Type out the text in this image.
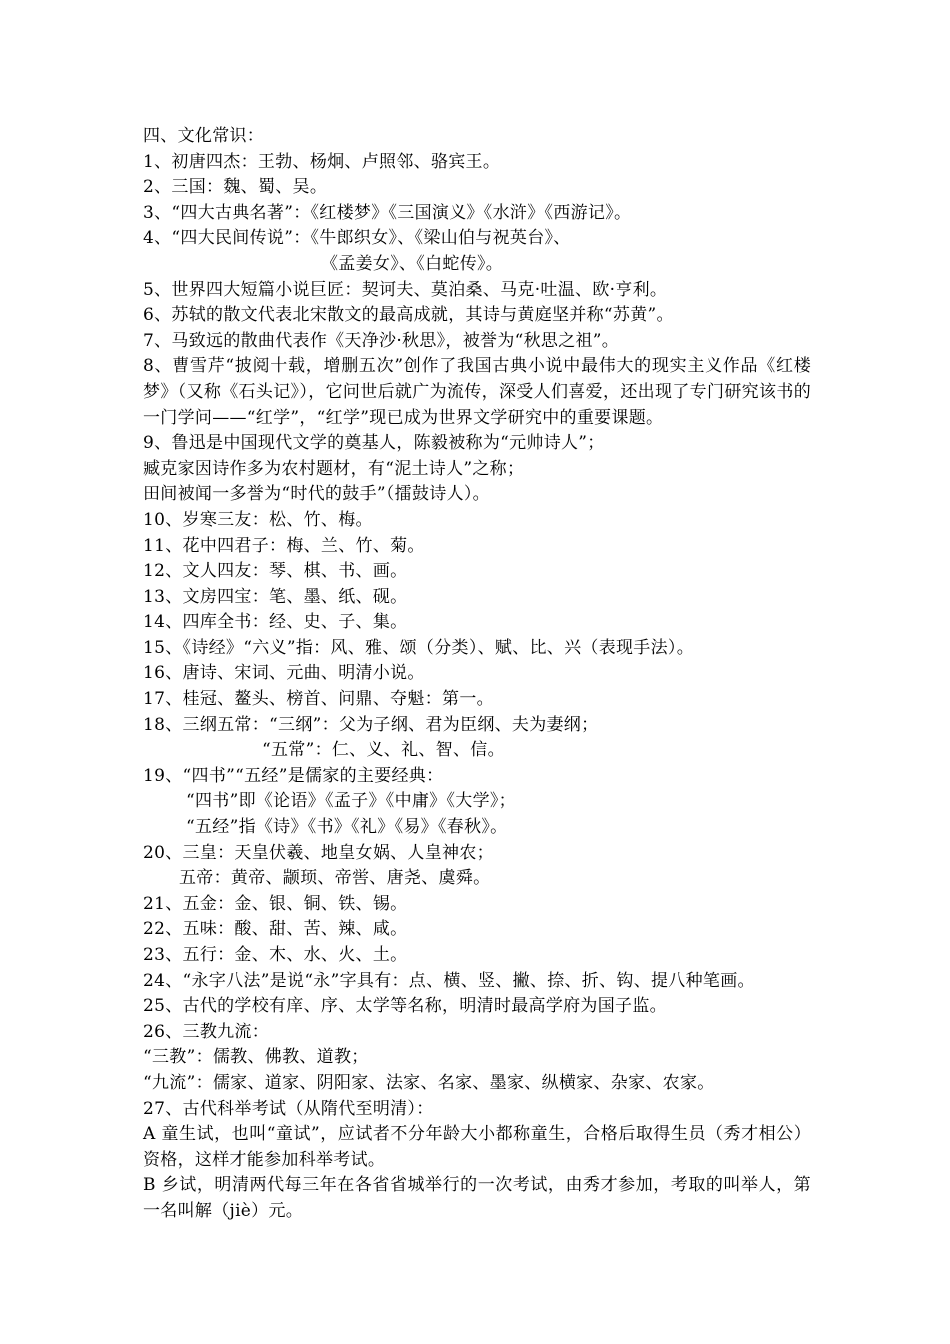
四、文化常识：
1、初唐四杰：王勃、杨炯、卢照邻、骆宾王。
2、三国：魏、蜀、吴。
3、“四大古典名著”：《红楼梦》《三国演义》《水浒》《西游记》。
4、“四大民间传说”：《牛郎织女》、《梁山伯与祝英台》、
《孟姜女》、《白蛇传》。
5、世界四大短篇小说巨匠：契诃夫、莫泊桑、马克·吐温、欧·亨利。
6、苏轼的散文代表北宋散文的最高成就，其诗与黄庭坚并称“苏黄”。
7、马致远的散曲代表作《天净沙·秋思》，被誉为“秋思之祖”。
8、曹雪芹“披阅十载，增删五次”创作了我国古典小说中最伟大的现实主义作品《红楼梦》（又称《石头记》），它问世后就广为流传，深受人们喜爱，还出现了专门研究该书的一门学问——“红学”，“红学”现已成为世界文学研究中的重要课题。
9、鲁迅是中国现代文学的奠基人，陈毅被称为“元帅诗人”；
臧克家因诗作多为农村题材，有“泥土诗人”之称；
田间被闻一多誉为“时代的鼓手”（擂鼓诗人）。
10、岁寒三友：松、竹、梅。
11、花中四君子：梅、兰、竹、菊。
12、文人四友：琴、棋、书、画。
13、文房四宝：笔、墨、纸、砚。
14、四库全书：经、史、子、集。
15、《诗经》“六义”指：风、雅、颂（分类）、赋、比、兴（表现手法）。
16、唐诗、宋词、元曲、明清小说。
17、桂冠、鳌头、榜首、问鼎、夺魁：第一。
18、三纲五常：“三纲”：父为子纲、君为臣纲、夫为妻纲；
“五常”：仁、义、礼、智、信。
19、“四书”“五经”是儒家的主要经典：
“四书”即《论语》《孟子》《中庸》《大学》；
“五经”指《诗》《书》《礼》《易》《春秋》。
20、三皇：天皇伏羲、地皇女娲、人皇神农；
五帝：黄帝、颛顼、帝喾、唐尧、虞舜。
21、五金：金、银、铜、铁、锡。
22、五味：酸、甜、苦、辣、咸。
23、五行：金、木、水、火、土。
24、“永字八法”是说“永”字具有：点、横、竖、撇、捺、折、钩、提八种笔画。
25、古代的学校有庠、序、太学等名称，明清时最高学府为国子监。
26、三教九流：
“三教”：儒教、佛教、道教；
“九流”：儒家、道家、阴阳家、法家、名家、墨家、纵横家、杂家、农家。
27、古代科举考试（从隋代至明清）：
A 童生试，也叫“童试”，应试者不分年龄大小都称童生，合格后取得生员（秀才相公）资格，这样才能参加科举考试。
B 乡试，明清两代每三年在各省省城举行的一次考试，由秀才参加，考取的叫举人，第一名叫解（jiè）元。
